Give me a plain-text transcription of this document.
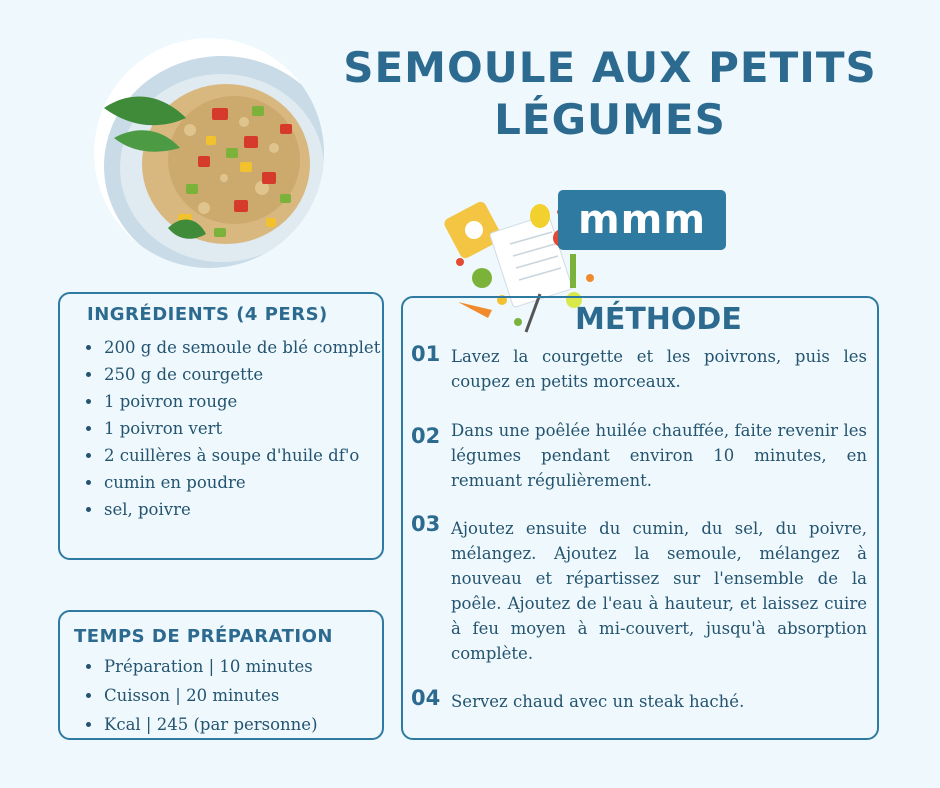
SEMOULE AUX PETITS LÉGUMES
mmm
INGRÉDIENTS (4 PERS)
200 g de semoule de blé complet
250 g de courgette
1 poivron rouge
1 poivron vert
2 cuillères à soupe d'huile df'o
cumin en poudre
sel, poivre
TEMPS DE PRÉPARATION
Préparation | 10 minutes
Cuisson | 20 minutes
Kcal | 245 (par personne)
MÉTHODE
01 Lavez la courgette et les poivrons, puis les coupez en petits morceaux.
02 Dans une poêlée huilée chauffée, faite revenir les légumes pendant environ 10 minutes, en remuant régulièrement.
03 Ajoutez ensuite du cumin, du sel, du poivre, mélangez. Ajoutez la semoule, mélangez à nouveau et répartissez sur l'ensemble de la poêle. Ajoutez de l'eau à hauteur, et laissez cuire à feu moyen à mi-couvert, jusqu'à absorption complète.
04 Servez chaud avec un steak haché.
